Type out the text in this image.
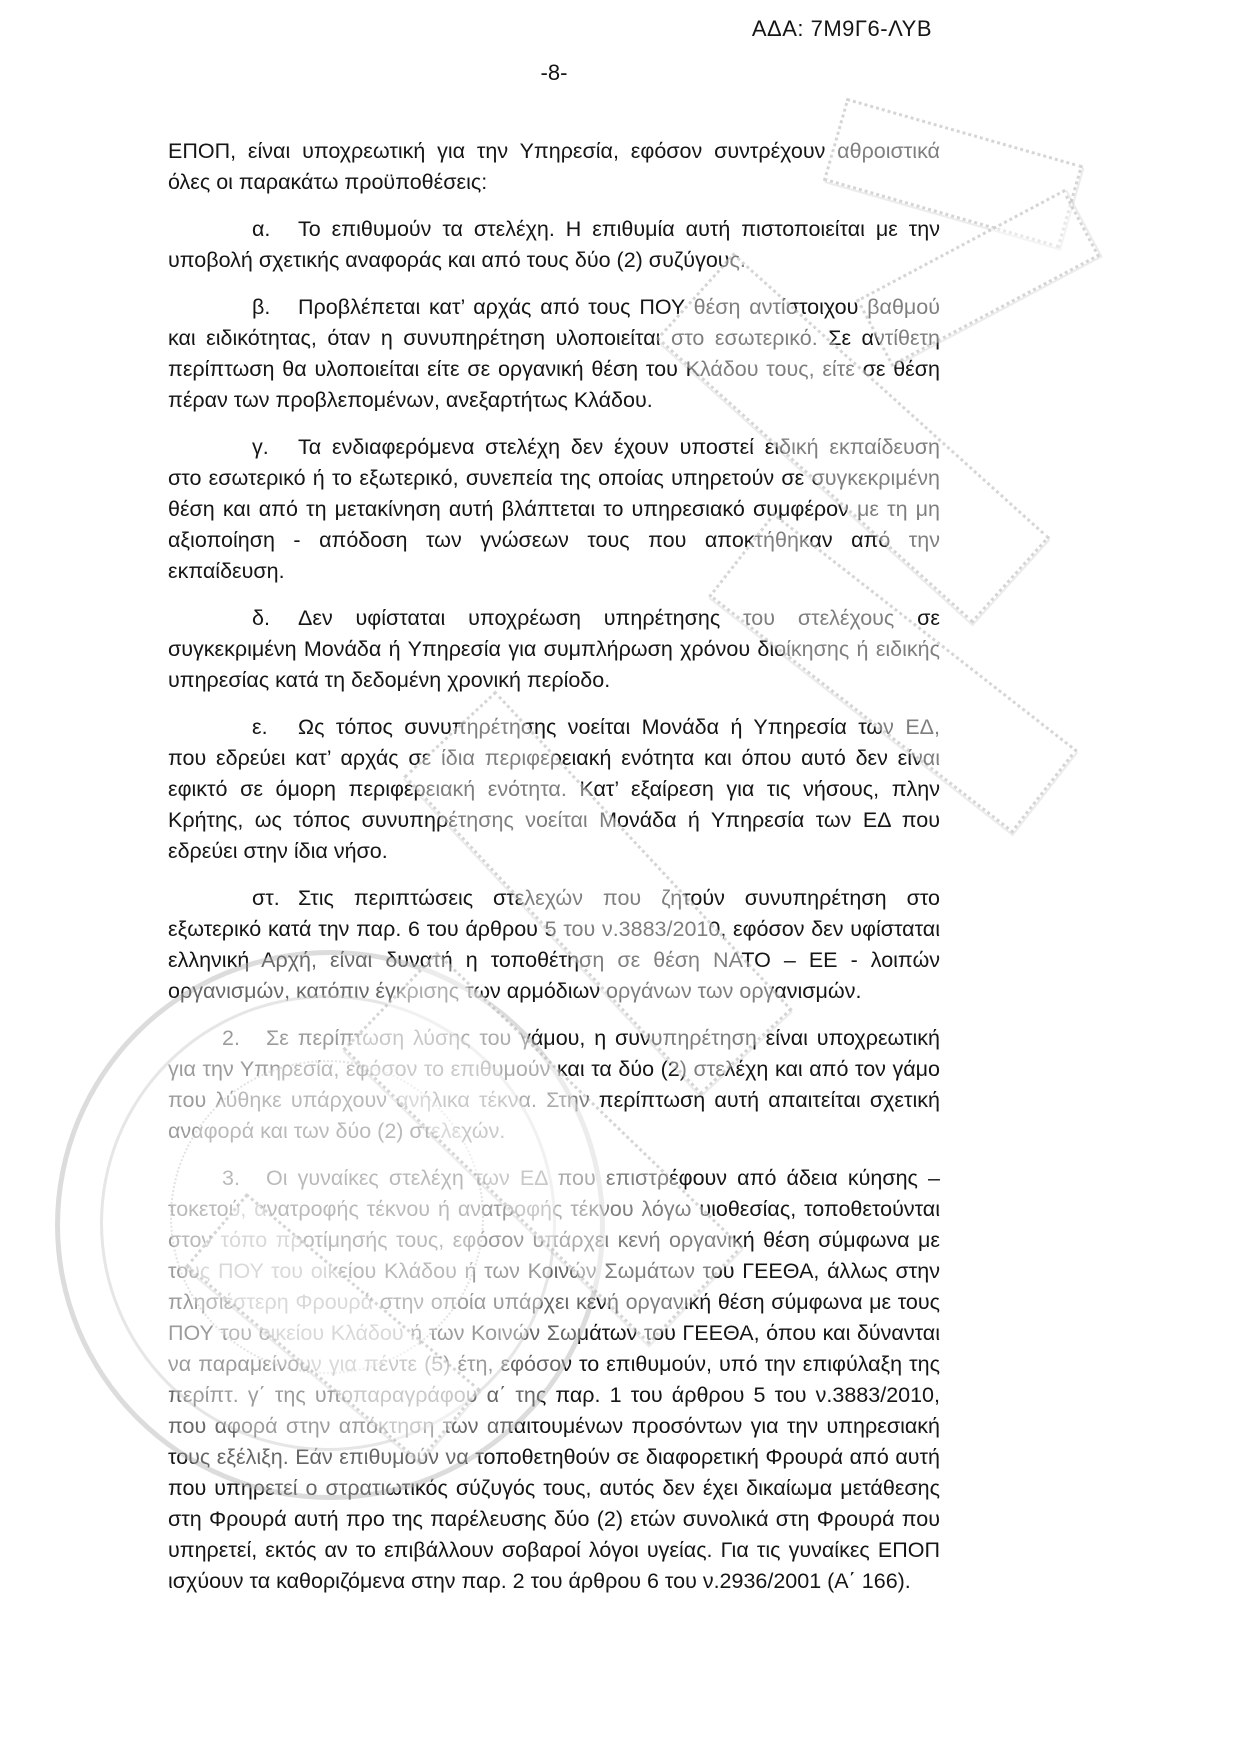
ΑΔΑ: 7Μ9Γ6-ΛΥΒ
-8-

ΕΠΟΠ, είναι υποχρεωτική για την Υπηρεσία, εφόσον συντρέχουν αθροιστικά όλες οι παρακάτω προϋποθέσεις:

α. Το επιθυμούν τα στελέχη. Η επιθυμία αυτή πιστοποιείται με την υποβολή σχετικής αναφοράς και από τους δύο (2) συζύγους.

β. Προβλέπεται κατ’ αρχάς από τους ΠΟΥ θέση αντίστοιχου βαθμού και ειδικότητας, όταν η συνυπηρέτηση υλοποιείται στο εσωτερικό. Σε αντίθετη περίπτωση θα υλοποιείται είτε σε οργανική θέση του Κλάδου τους, είτε σε θέση πέραν των προβλεπομένων, ανεξαρτήτως Κλάδου.

γ. Τα ενδιαφερόμενα στελέχη δεν έχουν υποστεί ειδική εκπαίδευση στο εσωτερικό ή το εξωτερικό, συνεπεία της οποίας υπηρετούν σε συγκεκριμένη θέση και από τη μετακίνηση αυτή βλάπτεται το υπηρεσιακό συμφέρον με τη μη αξιοποίηση - απόδοση των γνώσεων τους που αποκτήθηκαν από την εκπαίδευση.

δ. Δεν υφίσταται υποχρέωση υπηρέτησης του στελέχους σε συγκεκριμένη Μονάδα ή Υπηρεσία για συμπλήρωση χρόνου διοίκησης ή ειδικής υπηρεσίας κατά τη δεδομένη χρονική περίοδο.

ε. Ως τόπος συνυπηρέτησης νοείται Μονάδα ή Υπηρεσία των ΕΔ, που εδρεύει κατ’ αρχάς σε ίδια περιφερειακή ενότητα και όπου αυτό δεν είναι εφικτό σε όμορη περιφερειακή ενότητα. Κατ’ εξαίρεση για τις νήσους, πλην Κρήτης, ως τόπος συνυπηρέτησης νοείται Μονάδα ή Υπηρεσία των ΕΔ που εδρεύει στην ίδια νήσο.

στ. Στις περιπτώσεις στελεχών που ζητούν συνυπηρέτηση στο εξωτερικό κατά την παρ. 6 του άρθρου 5 του ν.3883/2010, εφόσον δεν υφίσταται ελληνική Αρχή, είναι δυνατή η τοποθέτηση σε θέση ΝΑΤΟ – ΕΕ - λοιπών οργανισμών, κατόπιν έγκρισης των αρμόδιων οργάνων των οργανισμών.

2. Σε περίπτωση λύσης του γάμου, η συνυπηρέτηση είναι υποχρεωτική για την Υπηρεσία, εφόσον το επιθυμούν και τα δύο (2) στελέχη και από τον γάμο που λύθηκε υπάρχουν ανήλικα τέκνα. Στην περίπτωση αυτή απαιτείται σχετική αναφορά και των δύο (2) στελεχών.

3. Οι γυναίκες στελέχη των ΕΔ που επιστρέφουν από άδεια κύησης – τοκετού, ανατροφής τέκνου ή ανατροφής τέκνου λόγω υιοθεσίας, τοποθετούνται στον τόπο προτίμησής τους, εφόσον υπάρχει κενή οργανική θέση σύμφωνα με τους ΠΟΥ του οικείου Κλάδου ή των Κοινών Σωμάτων του ΓΕΕΘΑ, άλλως στην πλησιέστερη Φρουρά στην οποία υπάρχει κενή οργανική θέση σύμφωνα με τους ΠΟΥ του οικείου Κλάδου ή των Κοινών Σωμάτων του ΓΕΕΘΑ, όπου και δύνανται να παραμείνουν για πέντε (5) έτη, εφόσον το επιθυμούν, υπό την επιφύλαξη της περίπτ. γ΄ της υποπαραγράφου α΄ της παρ. 1 του άρθρου 5 του ν.3883/2010, που αφορά στην απόκτηση των απαιτουμένων προσόντων για την υπηρεσιακή τους εξέλιξη. Εάν επιθυμούν να τοποθετηθούν σε διαφορετική Φρουρά από αυτή που υπηρετεί ο στρατιωτικός σύζυγός τους, αυτός δεν έχει δικαίωμα μετάθεσης στη Φρουρά αυτή προ της παρέλευσης δύο (2) ετών συνολικά στη Φρουρά που υπηρετεί, εκτός αν το επιβάλλουν σοβαροί λόγοι υγείας. Για τις γυναίκες ΕΠΟΠ ισχύουν τα καθοριζόμενα στην παρ. 2 του άρθρου 6 του ν.2936/2001 (Α΄ 166).
